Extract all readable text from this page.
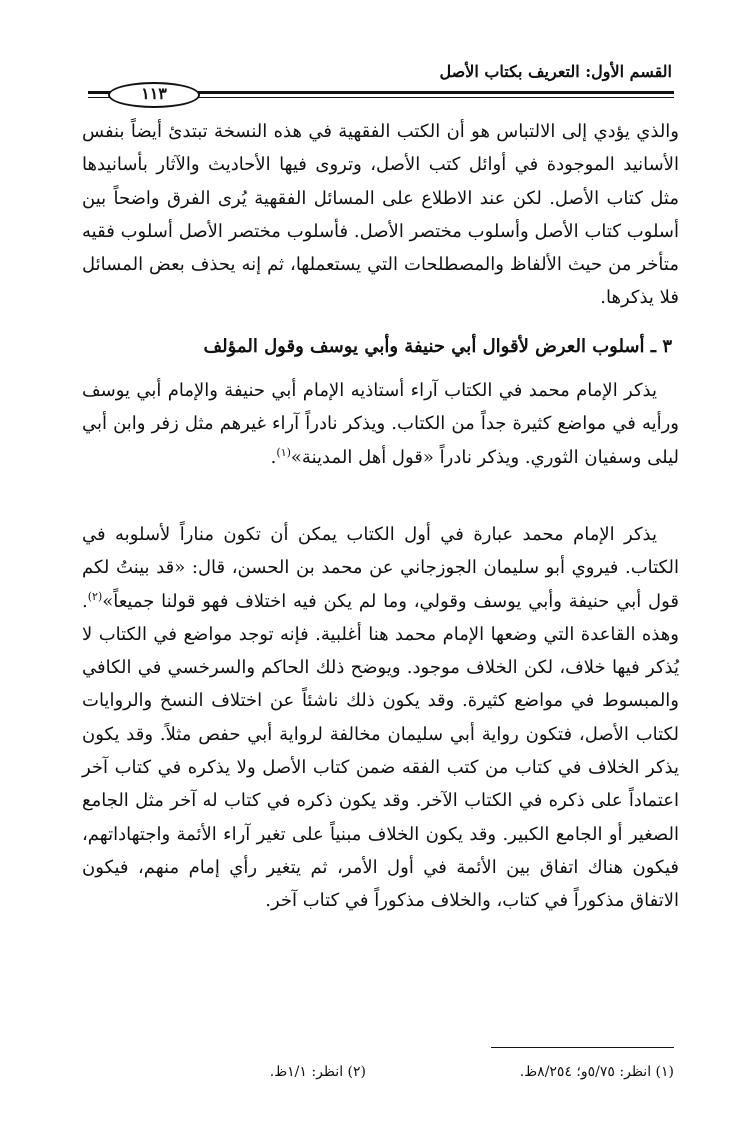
القسم الأول: التعريف بكتاب الأصل
١١٣

والذي يؤدي إلى الالتباس هو أن الكتب الفقهية في هذه النسخة تبتدئ أيضاً بنفس الأسانيد الموجودة في أوائل كتب الأصل، وتروى فيها الأحاديث والآثار بأسانيدها مثل كتاب الأصل. لكن عند الاطلاع على المسائل الفقهية يُرى الفرق واضحاً بين أسلوب كتاب الأصل وأسلوب مختصر الأصل. فأسلوب مختصر الأصل أسلوب فقيه متأخر من حيث الألفاظ والمصطلحات التي يستعملها، ثم إنه يحذف بعض المسائل فلا يذكرها.

٣ ـ أسلوب العرض لأقوال أبي حنيفة وأبي يوسف وقول المؤلف

يذكر الإمام محمد في الكتاب آراء أستاذيه الإمام أبي حنيفة والإمام أبي يوسف ورأيه في مواضع كثيرة جداً من الكتاب. ويذكر نادراً آراء غيرهم مثل زفر وابن أبي ليلى وسفيان الثوري. ويذكر نادراً «قول أهل المدينة»$^{(١)}$.

يذكر الإمام محمد عبارة في أول الكتاب يمكن أن تكون مناراً لأسلوبه في الكتاب. فيروي أبو سليمان الجوزجاني عن محمد بن الحسن، قال: «قد بينتُ لكم قول أبي حنيفة وأبي يوسف وقولي، وما لم يكن فيه اختلاف فهو قولنا جميعاً»$^{(٢)}$. وهذه القاعدة التي وضعها الإمام محمد هنا أغلبية. فإنه توجد مواضع في الكتاب لا يُذكر فيها خلاف، لكن الخلاف موجود. ويوضح ذلك الحاكم والسرخسي في الكافي والمبسوط في مواضع كثيرة. وقد يكون ذلك ناشئاً عن اختلاف النسخ والروايات لكتاب الأصل، فتكون رواية أبي سليمان مخالفة لرواية أبي حفص مثلاً. وقد يكون يذكر الخلاف في كتاب من كتب الفقه ضمن كتاب الأصل ولا يذكره في كتاب آخر اعتماداً على ذكره في الكتاب الآخر. وقد يكون ذكره في كتاب له آخر مثل الجامع الصغير أو الجامع الكبير. وقد يكون الخلاف مبنياً على تغير آراء الأئمة واجتهاداتهم، فيكون هناك اتفاق بين الأئمة في أول الأمر، ثم يتغير رأي إمام منهم، فيكون الاتفاق مذكوراً في كتاب، والخلاف مذكوراً في كتاب آخر.

(١) انظر: ٥/٧٥و؛ ٨/٢٥٤ظ.
(٢) انظر: ١/١ظ.
